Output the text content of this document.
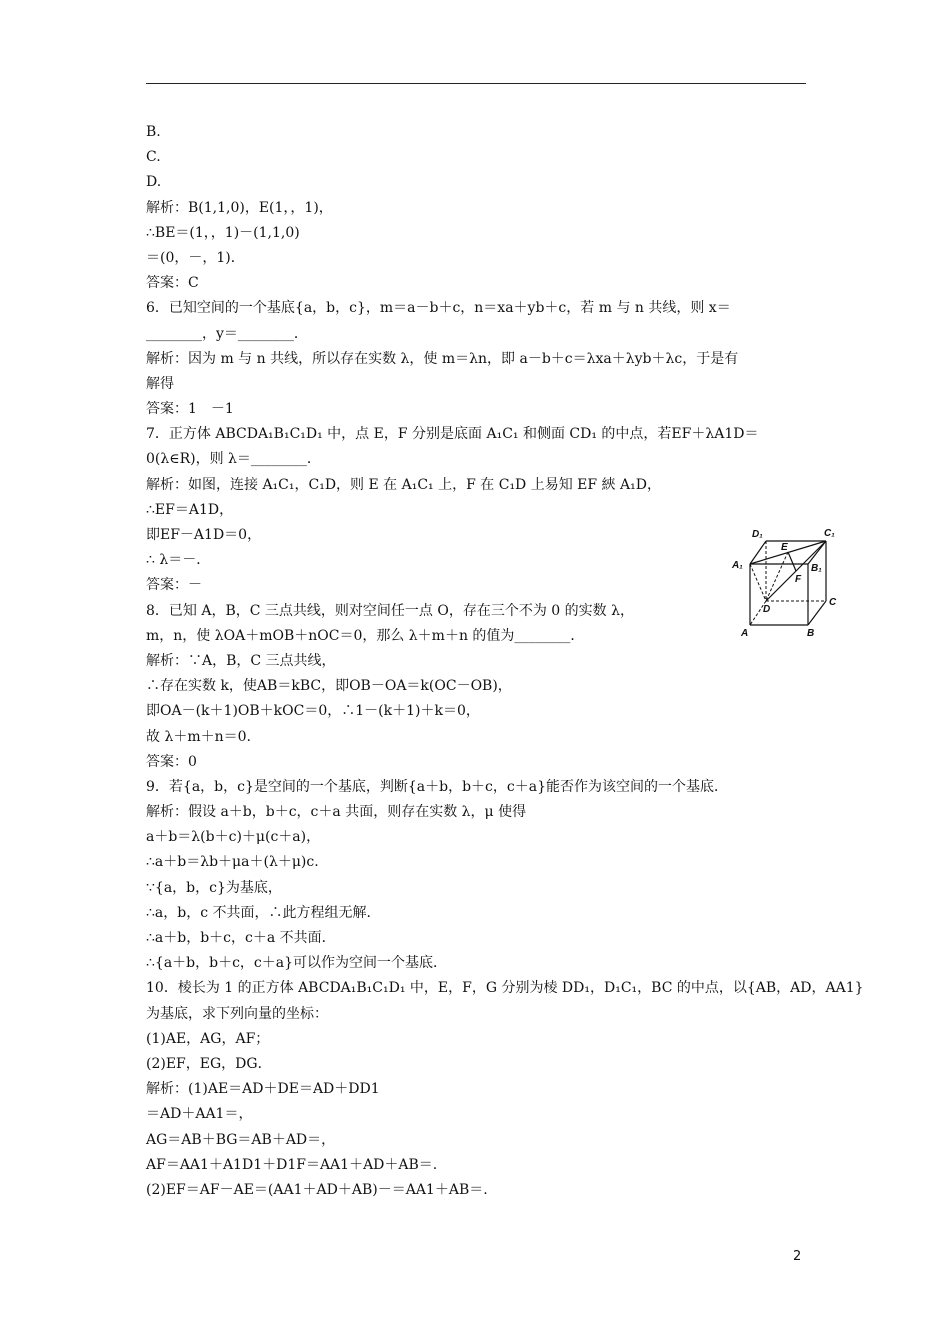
B.
C.
D.
解析：B(1,1,0)，E(1，，1)，
∴BE＝(1，，1)－(1,1,0)
＝(0，－，1)．
答案：C
6．已知空间的一个基底{a，b，c}，m＝a－b＋c，n＝xa＋yb＋c，若 m 与 n 共线，则 x＝
________，y＝________．
解析：因为 m 与 n 共线，所以存在实数 λ，使 m＝λn，即 a－b＋c＝λxa＋λyb＋λc，于是有
解得
答案：1　－1
7．正方体 ABCDA₁B₁C₁D₁ 中，点 E，F 分别是底面 A₁C₁ 和侧面 CD₁ 的中点，若EF＋λA1D＝
0(λ∈R)，则 λ＝________．
解析：如图，连接 A₁C₁，C₁D，则 E 在 A₁C₁ 上，F 在 C₁D 上易知 EF 綊 A₁D，
∴EF＝A1D，
即EF－A1D＝0，
∴ λ＝－．
答案：－
8．已知 A，B，C 三点共线，则对空间任一点 O，存在三个不为 0 的实数 λ，
m，n，使 λOA＋mOB＋nOC＝0，那么 λ＋m＋n 的值为________．
解析：∵A，B，C 三点共线，
∴存在实数 k，使AB＝kBC，即OB－OA＝k(OC－OB)，
即OA－(k＋1)OB＋kOC＝0，∴1－(k＋1)＋k＝0，
故 λ＋m＋n＝0.
答案：0
9．若{a，b，c}是空间的一个基底，判断{a＋b，b＋c，c＋a}能否作为该空间的一个基底．
解析：假设 a＋b，b＋c，c＋a 共面，则存在实数 λ，μ 使得
a＋b＝λ(b＋c)＋μ(c＋a)，
∴a＋b＝λb＋μa＋(λ＋μ)c.
∵{a，b，c}为基底，
∴a，b，c 不共面，∴此方程组无解．
∴a＋b，b＋c，c＋a 不共面．
∴{a＋b，b＋c，c＋a}可以作为空间一个基底．
10．棱长为 1 的正方体 ABCDA₁B₁C₁D₁ 中，E，F，G 分别为棱 DD₁，D₁C₁，BC 的中点，以{AB，AD，AA1}
为基底，求下列向量的坐标：
(1)AE，AG，AF；
(2)EF，EG，DG．
解析：(1)AE＝AD＋DE＝AD＋DD1
＝AD＋AA1＝，
AG＝AB＋BG＝AB＋AD＝，
AF＝AA1＋A1D1＋D1F＝AA1＋AD＋AB＝.
(2)EF＝AF－AE＝(AA1＋AD＋AB)－＝AA1＋AB＝.
D₁	C₁
E
A₁	B₁
F
D
C
A	B
2
